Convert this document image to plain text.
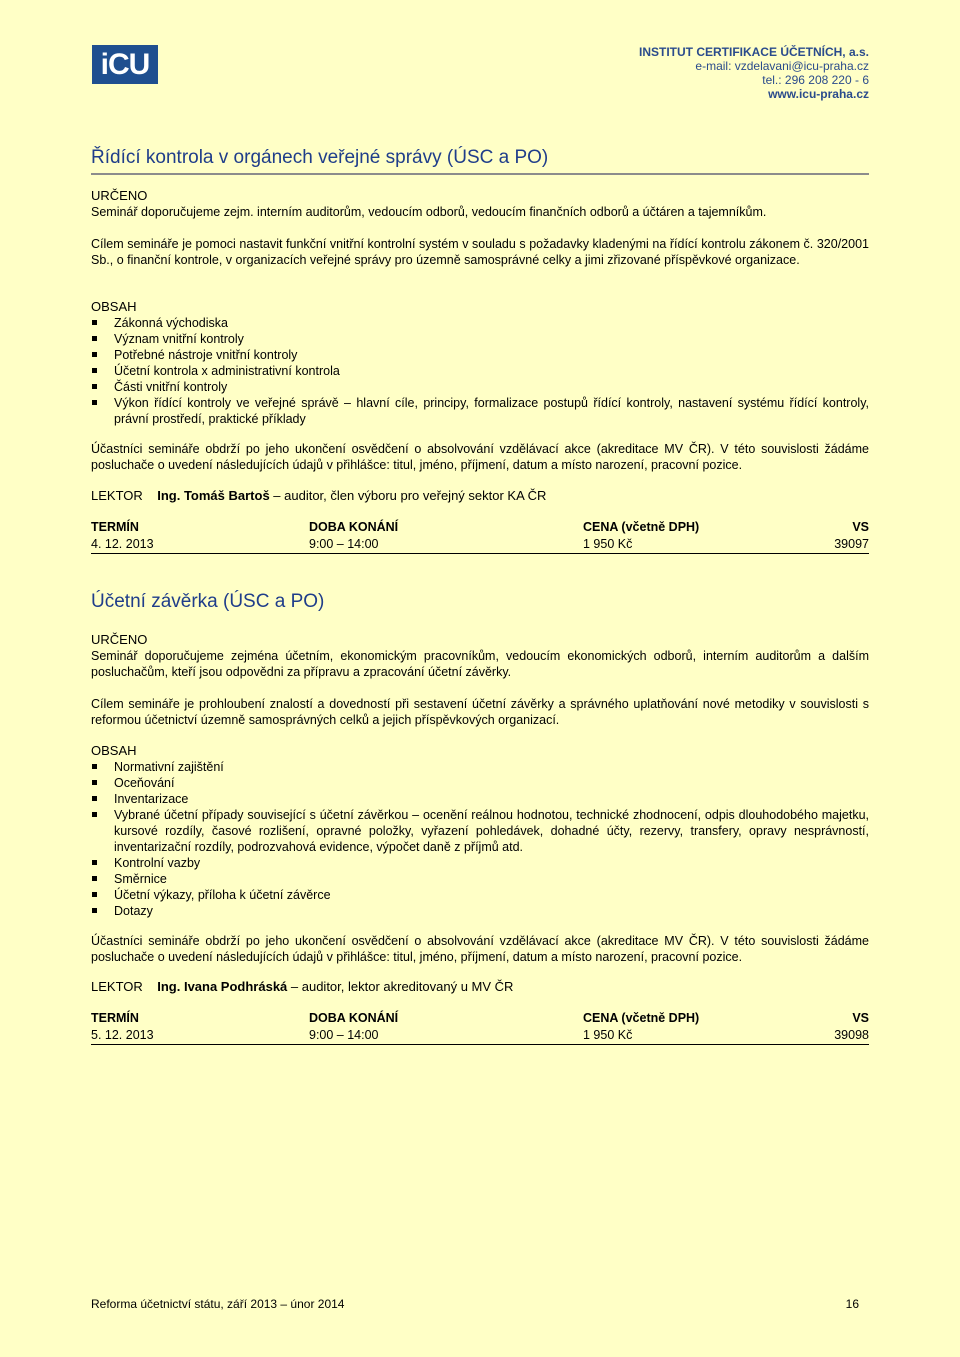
iCU	INSTITUT CERTIFIKACE ÚČETNÍCH, a.s.
e-mail: vzdelavani@icu-praha.cz
tel.: 296 208 220 - 6
www.icu-praha.cz
Řídící kontrola v orgánech veřejné správy (ÚSC a PO)
URČENO
Seminář doporučujeme zejm. interním auditorům, vedoucím odborů, vedoucím finančních odborů a účtáren a tajemníkům.
Cílem semináře je pomoci nastavit funkční vnitřní kontrolní systém v souladu s požadavky kladenými na řídící kontrolu zákonem č. 320/2001 Sb., o finanční kontrole, v organizacích veřejné správy pro územně samosprávné celky a jimi zřizované příspěvkové organizace.
OBSAH
Zákonná východiska
Význam vnitřní kontroly
Potřebné nástroje vnitřní kontroly
Účetní kontrola x administrativní kontrola
Části vnitřní kontroly
Výkon řídící kontroly ve veřejné správě – hlavní cíle, principy, formalizace postupů řídící kontroly, nastavení systému řídící kontroly, právní prostředí, praktické příklady
Účastníci semináře obdrží po jeho ukončení osvědčení o absolvování vzdělávací akce (akreditace MV ČR). V této souvislosti žádáme posluchače o uvedení následujících údajů v přihlášce: titul, jméno, příjmení, datum a místo narození, pracovní pozice.
LEKTOR Ing. Tomáš Bartoš – auditor, člen výboru pro veřejný sektor KA ČR
TERMÍN	DOBA KONÁNÍ	CENA (včetně DPH)	VS
4. 12. 2013	9:00 – 14:00	1 950 Kč	39097
Účetní závěrka (ÚSC a PO)
URČENO
Seminář doporučujeme zejména účetním, ekonomickým pracovníkům, vedoucím ekonomických odborů, interním auditorům a dalším posluchačům, kteří jsou odpovědni za přípravu a zpracování účetní závěrky.
Cílem semináře je prohloubení znalostí a dovedností při sestavení účetní závěrky a správného uplatňování nové metodiky v souvislosti s reformou účetnictví územně samosprávných celků a jejich příspěvkových organizací.
OBSAH
Normativní zajištění
Oceňování
Inventarizace
Vybrané účetní případy související s účetní závěrkou – ocenění reálnou hodnotou, technické zhodnocení, odpis dlouhodobého majetku, kursové rozdíly, časové rozlišení, opravné položky, vyřazení pohledávek, dohadné účty, rezervy, transfery, opravy nesprávností, inventarizační rozdíly, podrozvahová evidence, výpočet daně z příjmů atd.
Kontrolní vazby
Směrnice
Účetní výkazy, příloha k účetní závěrce
Dotazy
Účastníci semináře obdrží po jeho ukončení osvědčení o absolvování vzdělávací akce (akreditace MV ČR). V této souvislosti žádáme posluchače o uvedení následujících údajů v přihlášce: titul, jméno, příjmení, datum a místo narození, pracovní pozice.
LEKTOR Ing. Ivana Podhráská – auditor, lektor akreditovaný u MV ČR
TERMÍN	DOBA KONÁNÍ	CENA (včetně DPH)	VS
5. 12. 2013	9:00 – 14:00	1 950 Kč	39098
Reforma účetnictví státu, září 2013 – únor 2014	16
